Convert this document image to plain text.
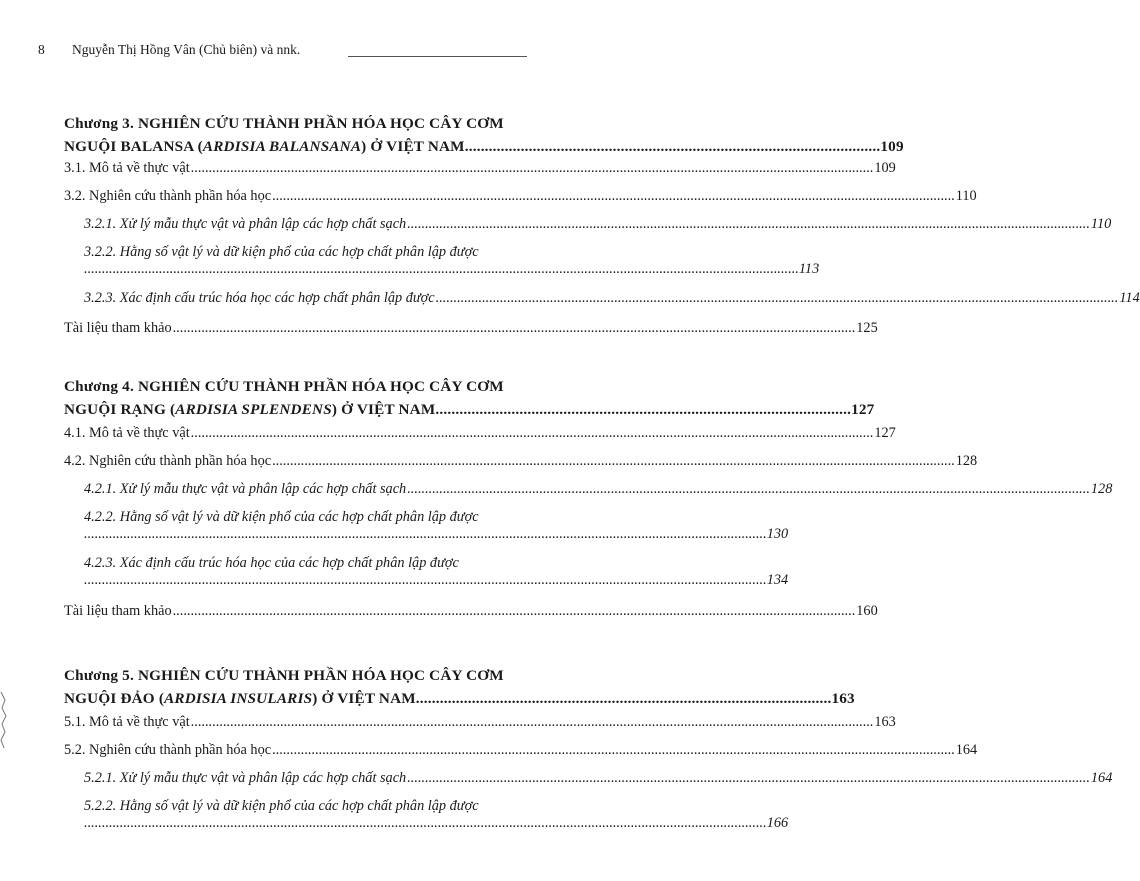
8 Nguyễn Thị Hồng Vân (Chủ biên) và nnk.
Chương 3. NGHIÊN CỨU THÀNH PHẦN HÓA HỌC CÂY CƠM
NGUỘI BALANSA (ARDISIA BALANSANA) Ở VIỆT NAM ........................................................................................................ 109
3.1. Mô tả về thực vật ............................................................................................................................................................................................... 109
3.2. Nghiên cứu thành phần hóa học ............................................................................................................................................................................................... 110
3.2.1. Xử lý mẫu thực vật và phân lập các hợp chất sạch ............................................................................................................................................................................................... 110
3.2.2. Hằng số vật lý và dữ kiện phổ của các hợp chất phân lập được
........................................................................................................................................................................................................ 113
3.2.3. Xác định cấu trúc hóa học các hợp chất phân lập được ............................................................................................................................................................................................... 114
Tài liệu tham khảo ............................................................................................................................................................................................... 125
Chương 4. NGHIÊN CỨU THÀNH PHẦN HÓA HỌC CÂY CƠM
NGUỘI RẠNG (ARDISIA SPLENDENS) Ở VIỆT NAM ........................................................................................................ 127
4.1. Mô tả về thực vật ............................................................................................................................................................................................... 127
4.2. Nghiên cứu thành phần hóa học ............................................................................................................................................................................................... 128
4.2.1. Xử lý mẫu thực vật và phân lập các hợp chất sạch ............................................................................................................................................................................................... 128
4.2.2. Hằng số vật lý và dữ kiện phổ của các hợp chất phân lập được
............................................................................................................................................................................................... 130
4.2.3. Xác định cấu trúc hóa học của các hợp chất phân lập được
............................................................................................................................................................................................... 134
Tài liệu tham khảo ............................................................................................................................................................................................... 160
Chương 5. NGHIÊN CỨU THÀNH PHẦN HÓA HỌC CÂY CƠM
NGUỘI ĐẢO (ARDISIA INSULARIS) Ở VIỆT NAM ........................................................................................................ 163
5.1. Mô tả về thực vật ............................................................................................................................................................................................... 163
5.2. Nghiên cứu thành phần hóa học ............................................................................................................................................................................................... 164
5.2.1. Xử lý mẫu thực vật và phân lập các hợp chất sạch ............................................................................................................................................................................................... 164
5.2.2. Hằng số vật lý và dữ kiện phổ của các hợp chất phân lập được
............................................................................................................................................................................................... 166
